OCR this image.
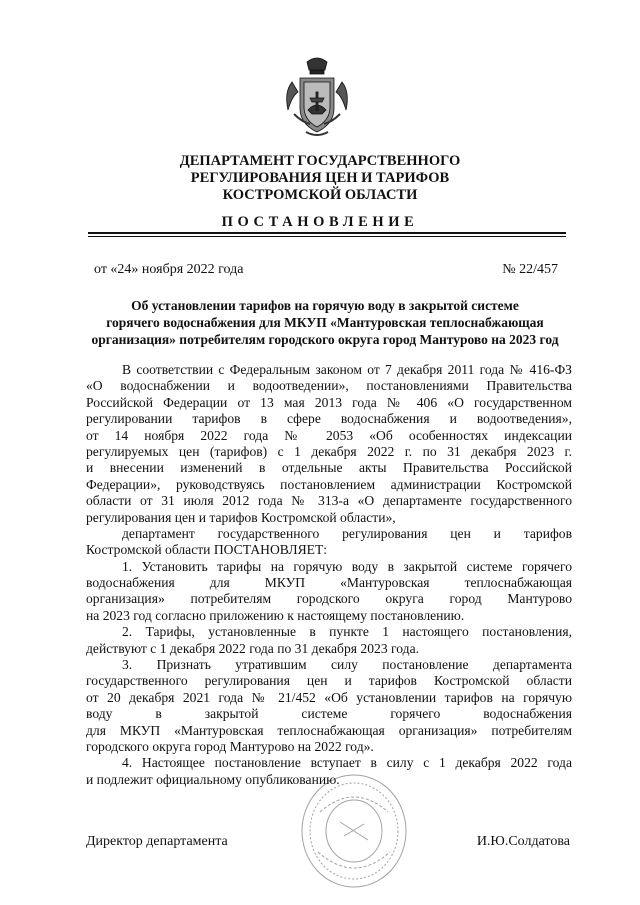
ДЕПАРТАМЕНТ ГОСУДАРСТВЕННОГО
РЕГУЛИРОВАНИЯ ЦЕН И ТАРИФОВ
КОСТРОМСКОЙ ОБЛАСТИ
ПОСТАНОВЛЕНИЕ
от «24» ноября 2022 года	№ 22/457
Об установлении тарифов на горячую воду в закрытой системе
горячего водоснабжения для МКУП «Мантуровская теплоснабжающая
организация» потребителям городского округа город Мантурово на 2023 год
В соответствии с Федеральным законом от 7 декабря 2011 года № 416-ФЗ
«О водоснабжении и водоотведении», постановлениями Правительства
Российской Федерации от 13 мая 2013 года № 406 «О государственном
регулировании тарифов в сфере водоснабжения и водоотведения»,
от 14 ноября 2022 года № 2053 «Об особенностях индексации
регулируемых цен (тарифов) с 1 декабря 2022 г. по 31 декабря 2023 г.
и внесении изменений в отдельные акты Правительства Российской
Федерации», руководствуясь постановлением администрации Костромской
области от 31 июля 2012 года № 313-а «О департаменте государственного
регулирования цен и тарифов Костромской области»,
департамент государственного регулирования цен и тарифов
Костромской области ПОСТАНОВЛЯЕТ:
1. Установить тарифы на горячую воду в закрытой системе горячего
водоснабжения для МКУП «Мантуровская теплоснабжающая
организация» потребителям городского округа город Мантурово
на 2023 год согласно приложению к настоящему постановлению.
2. Тарифы, установленные в пункте 1 настоящего постановления,
действуют с 1 декабря 2022 года по 31 декабря 2023 года.
3. Признать утратившим силу постановление департамента
государственного регулирования цен и тарифов Костромской области
от 20 декабря 2021 года № 21/452 «Об установлении тарифов на горячую
воду в закрытой системе горячего водоснабжения
для МКУП «Мантуровская теплоснабжающая организация» потребителям
городского округа город Мантурово на 2022 год».
4. Настоящее постановление вступает в силу с 1 декабря 2022 года
и подлежит официальному опубликованию.
Директор департамента	И.Ю.Солдатова
